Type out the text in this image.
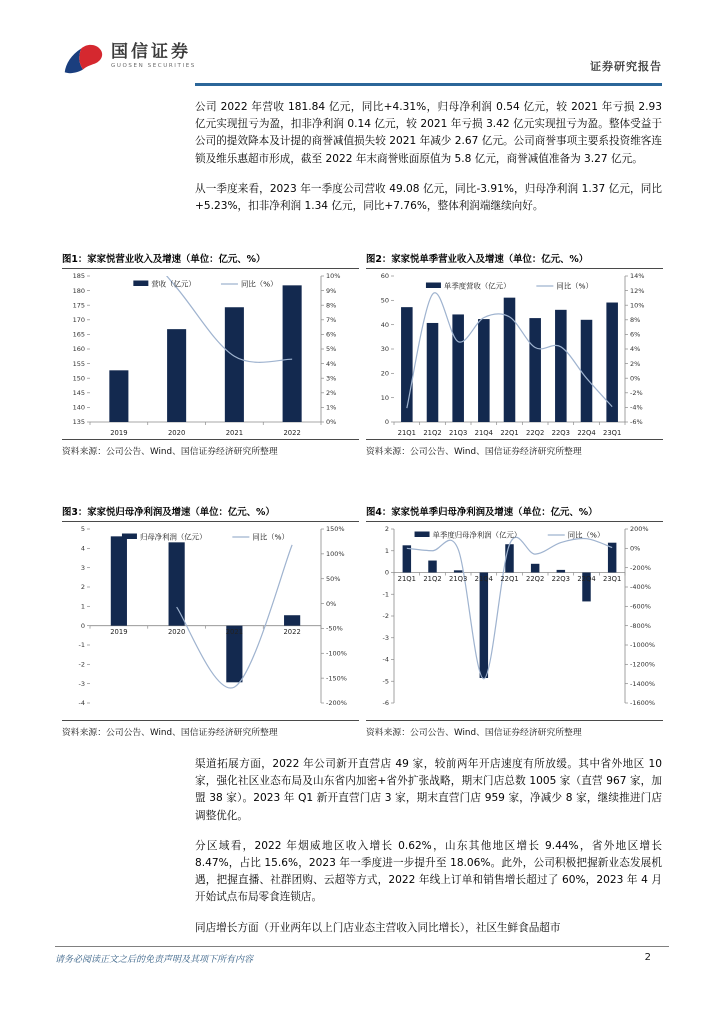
国信证券
GUOSEN SECURITIES	证券研究报告

公司 2022 年营收 181.84 亿元，同比+4.31%，归母净利润 0.54 亿元，较 2021 年亏损 2.93 亿元实现扭亏为盈，扣非净利润 0.14 亿元，较 2021 年亏损 3.42 亿元实现扭亏为盈。整体受益于公司的提效降本及计提的商誉减值损失较 2021 年减少 2.67 亿元。公司商誉事项主要系投资维客连锁及维乐惠超市形成，截至 2022 年末商誉账面原值为 5.8 亿元，商誉减值准备为 3.27 亿元。

从一季度来看，2023 年一季度公司营收 49.08 亿元，同比-3.91%，归母净利润 1.37 亿元，同比+5.23%，扣非净利润 1.34 亿元，同比+7.76%，整体利润端继续向好。

图1：家家悦营业收入及增速（单位：亿元、%）
135
140
145
150
155
160
165
170
175
180
185
0%
1%
2%
3%
4%
5%
6%
7%
8%
9%
10%
2019	2020	2021	2022
营收（亿元）	同比（%）
资料来源：公司公告、Wind、国信证券经济研究所整理
图2：家家悦单季营业收入及增速（单位：亿元、%）
0
10
20
30
40
50
60
-6%
-4%
-2%
0%
2%
4%
6%
8%
10%
12%
14%
21Q1 21Q2 21Q3 21Q4 22Q1 22Q2 22Q3 22Q4 23Q1
单季度营收（亿元）	同比（%）
资料来源：公司公告、Wind、国信证券经济研究所整理
图3：家家悦归母净利润及增速（单位：亿元、%）
-4
-3
-2
-1
0
1
2
3
4
5
-200%
-150%
-100%
-50%
0%
50%
100%
150%
2019	2020	2021	2022
归母净利润（亿元）	同比（%）
资料来源：公司公告、Wind、国信证券经济研究所整理
图4：家家悦单季归母净利润及增速（单位：亿元、%）
-6
-5
-4
-3
-2
-1
0
1
2
-1600%
-1400%
-1200%
-1000%
-800%
-600%
-400%
-200%
0%
200%
21Q1 21Q2 21Q3 21Q4 22Q1 22Q2 22Q3 22Q4 23Q1
单季度归母净利润（亿元）	同比（%）
资料来源：公司公告、Wind、国信证券经济研究所整理

渠道拓展方面，2022 年公司新开直营店 49 家，较前两年开店速度有所放缓。其中省外地区 10 家，强化社区业态布局及山东省内加密+省外扩张战略，期末门店总数 1005 家（直营 967 家，加盟 38 家）。2023 年 Q1 新开直营门店 3 家，期末直营门店 959 家，净减少 8 家，继续推进门店调整优化。

分区域看，2022 年烟威地区收入增长 0.62%，山东其他地区增长 9.44%，省外地区增长 8.47%，占比 15.6%，2023 年一季度进一步提升至 18.06%。此外，公司积极把握新业态发展机遇，把握直播、社群团购、云超等方式，2022 年线上订单和销售增长超过了 60%，2023 年 4 月开始试点布局零食连锁店。

同店增长方面（开业两年以上门店业态主营收入同比增长），社区生鲜食品超市

请务必阅读正文之后的免责声明及其项下所有内容	2
